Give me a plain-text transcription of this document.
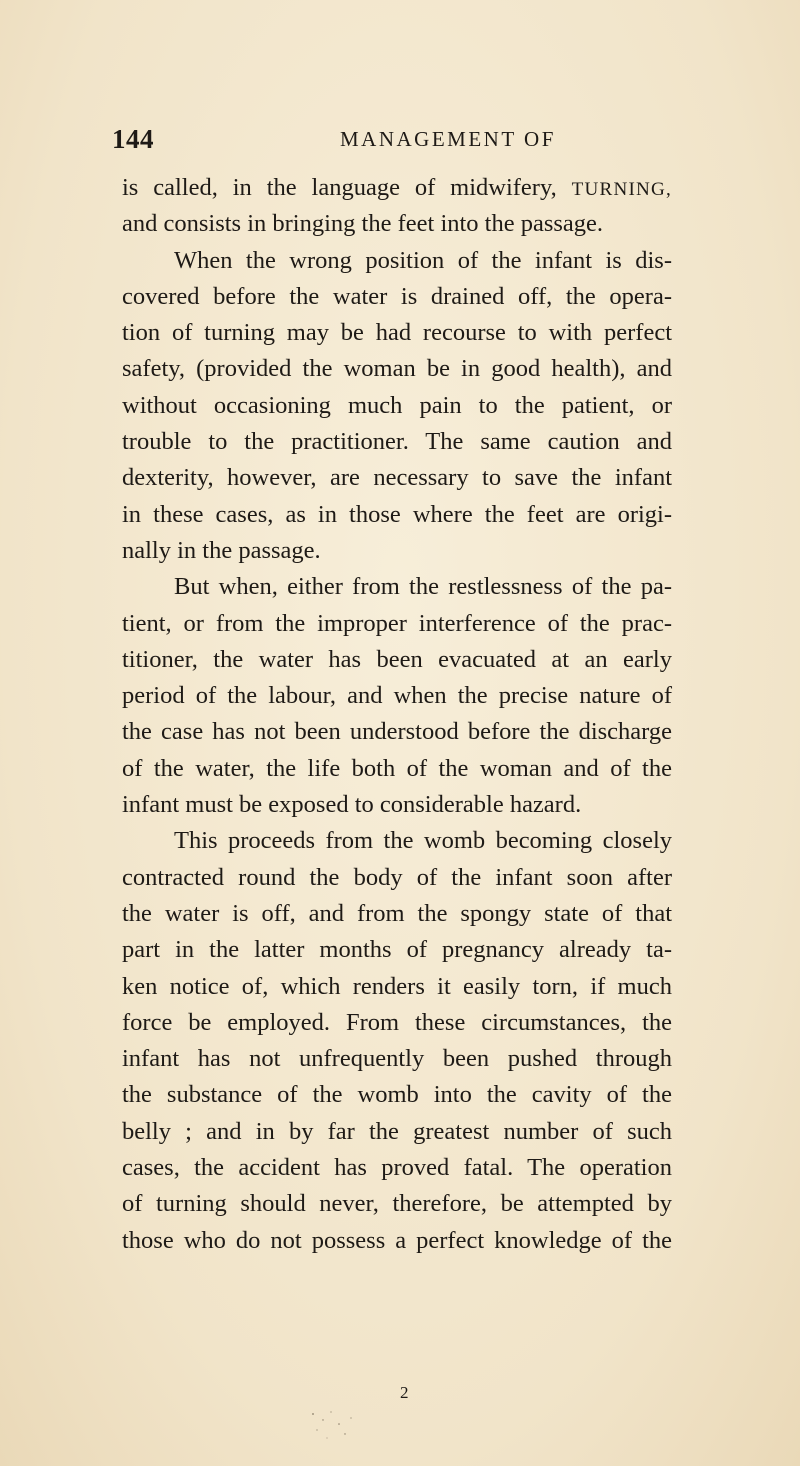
144	MANAGEMENT OF
is called, in the language of midwifery, TURNING,
and consists in bringing the feet into the passage.
When the wrong position of the infant is dis-
covered before the water is drained off, the opera-
tion of turning may be had recourse to with perfect
safety, (provided the woman be in good health), and
without occasioning much pain to the patient, or
trouble to the practitioner. The same caution and
dexterity, however, are necessary to save the infant
in these cases, as in those where the feet are origi-
nally in the passage.
But when, either from the restlessness of the pa-
tient, or from the improper interference of the prac-
titioner, the water has been evacuated at an early
period of the labour, and when the precise nature of
the case has not been understood before the discharge
of the water, the life both of the woman and of the
infant must be exposed to considerable hazard.
This proceeds from the womb becoming closely
contracted round the body of the infant soon after
the water is off, and from the spongy state of that
part in the latter months of pregnancy already ta-
ken notice of, which renders it easily torn, if much
force be employed. From these circumstances, the
infant has not unfrequently been pushed through
the substance of the womb into the cavity of the
belly ; and in by far the greatest number of such
cases, the accident has proved fatal. The operation
of turning should never, therefore, be attempted by
those who do not possess a perfect knowledge of the
2
